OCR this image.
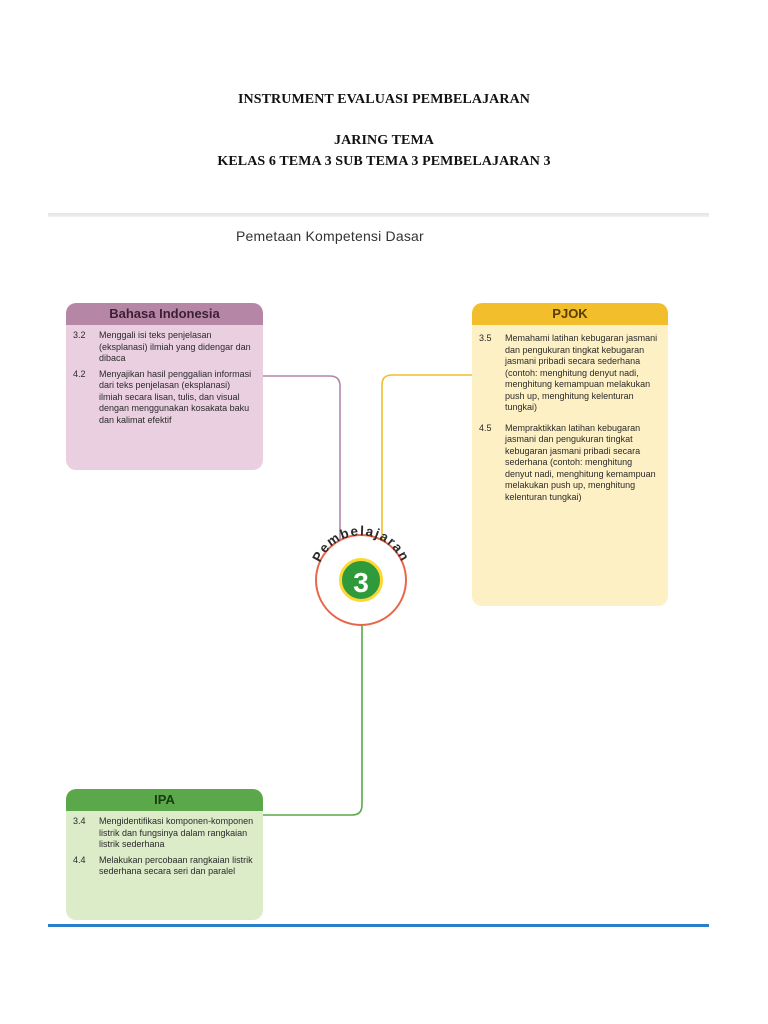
INSTRUMENT EVALUASI PEMBELAJARAN
JARING TEMA
KELAS 6 TEMA 3 SUB TEMA 3 PEMBELAJARAN 3
Pemetaan Kompetensi Dasar
Pembelajaran
3
Bahasa Indonesia
3.2	Menggali isi teks penjelasan (eksplanasi) ilmiah yang didengar dan dibaca
4.2	Menyajikan hasil penggalian informasi dari teks penjelasan (eksplanasi) ilmiah secara lisan, tulis, dan visual dengan menggunakan kosakata baku dan kalimat efektif
PJOK
3.5	Memahami latihan kebugaran jasmani dan pengukuran tingkat kebugaran jasmani pribadi secara sederhana (contoh: menghitung denyut nadi, menghitung kemampuan melakukan push up, menghitung kelenturan tungkai)
4.5	Mempraktikkan latihan kebugaran jasmani dan pengukuran tingkat kebugaran jasmani pribadi secara sederhana (contoh: menghitung denyut nadi, menghitung kemampuan melakukan push up, menghitung kelenturan tungkai)
IPA
3.4	Mengidentifikasi komponen-komponen listrik dan fungsinya dalam rangkaian listrik sederhana
4.4	Melakukan percobaan rangkaian listrik sederhana secara seri dan paralel
